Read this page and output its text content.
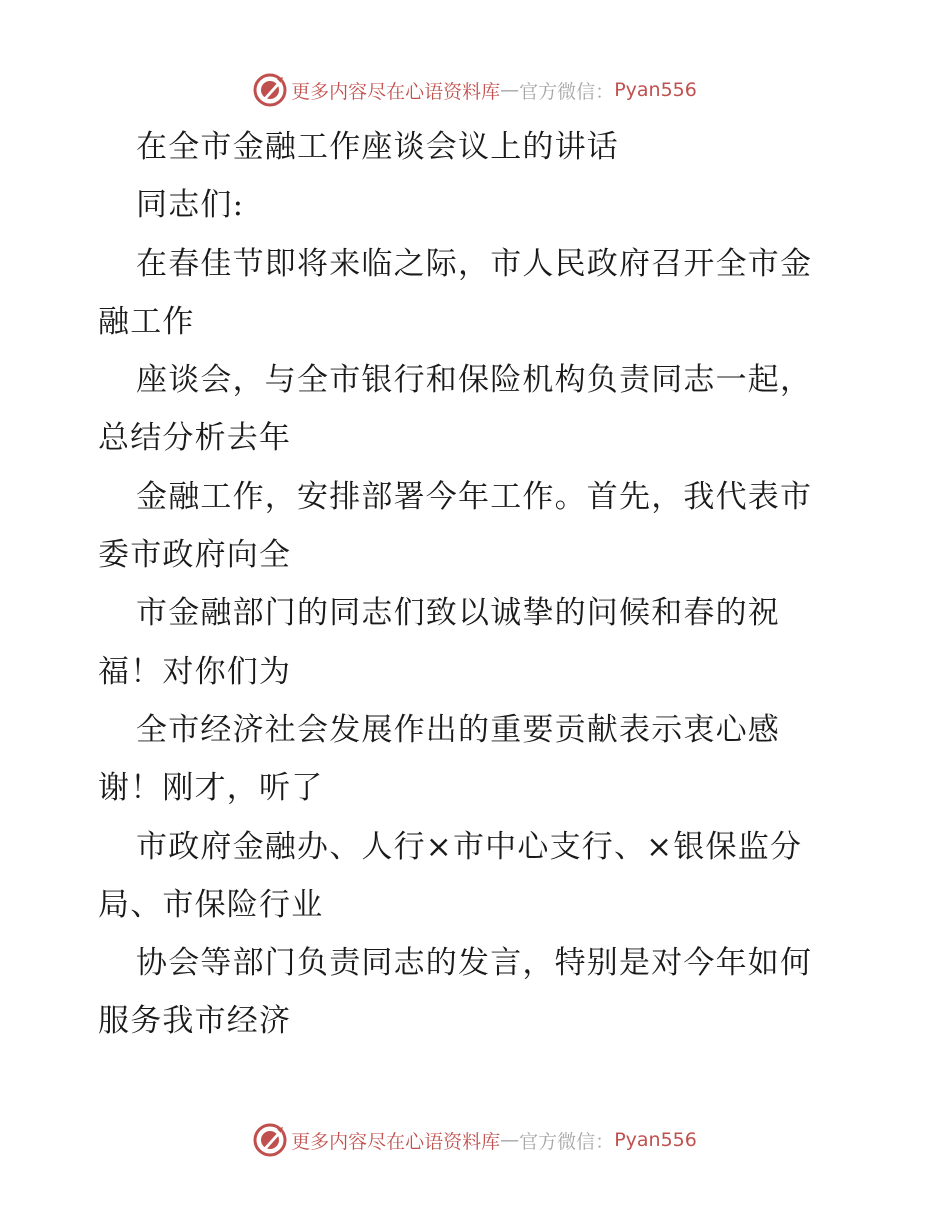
更多内容尽在心语资料库 — 官方微信： Pyan556
在全市金融工作座谈会议上的讲话
同志们:
在春佳节即将来临之际，市人民政府召开全市金
融工作
座谈会，与全市银行和保险机构负责同志一起，
总结分析去年
金融工作，安排部署今年工作。首先，我代表市
委市政府向全
市金融部门的同志们致以诚挚的问候和春的祝
福！对你们为
全市经济社会发展作出的重要贡献表示衷心感
谢！刚才，听了
市政府金融办、人行×市中心支行、×银保监分
局、市保险行业
协会等部门负责同志的发言，特别是对今年如何
服务我市经济
更多内容尽在心语资料库 — 官方微信： Pyan556
